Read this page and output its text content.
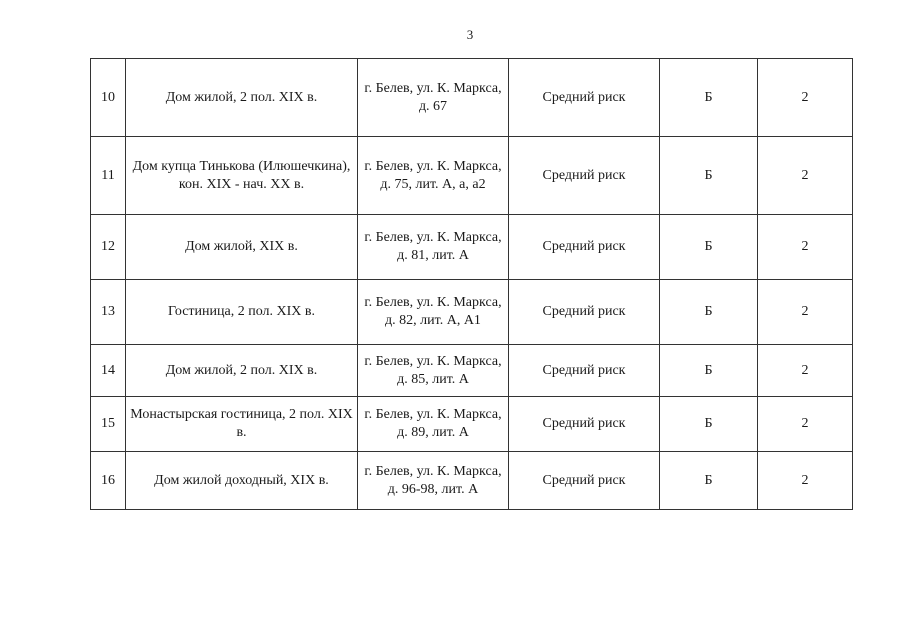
3
10	Дом жилой, 2 пол. XIX в.	г. Белев, ул. К. Маркса, д. 67	Средний риск	Б	2
11	Дом купца Тинькова (Илюшечкина), кон. XIX - нач. XX в.	г. Белев, ул. К. Маркса, д. 75, лит. А, а, а2	Средний риск	Б	2
12	Дом жилой, XIX в.	г. Белев, ул. К. Маркса, д. 81, лит. А	Средний риск	Б	2
13	Гостиница, 2 пол. XIX в.	г. Белев, ул. К. Маркса, д. 82, лит. А, А1	Средний риск	Б	2
14	Дом жилой, 2 пол. XIX в.	г. Белев, ул. К. Маркса, д. 85, лит. А	Средний риск	Б	2
15	Монастырская гостиница, 2 пол. XIX в.	г. Белев, ул. К. Маркса, д. 89, лит. А	Средний риск	Б	2
16	Дом жилой доходный, XIX в.	г. Белев, ул. К. Маркса, д. 96-98, лит. А	Средний риск	Б	2
